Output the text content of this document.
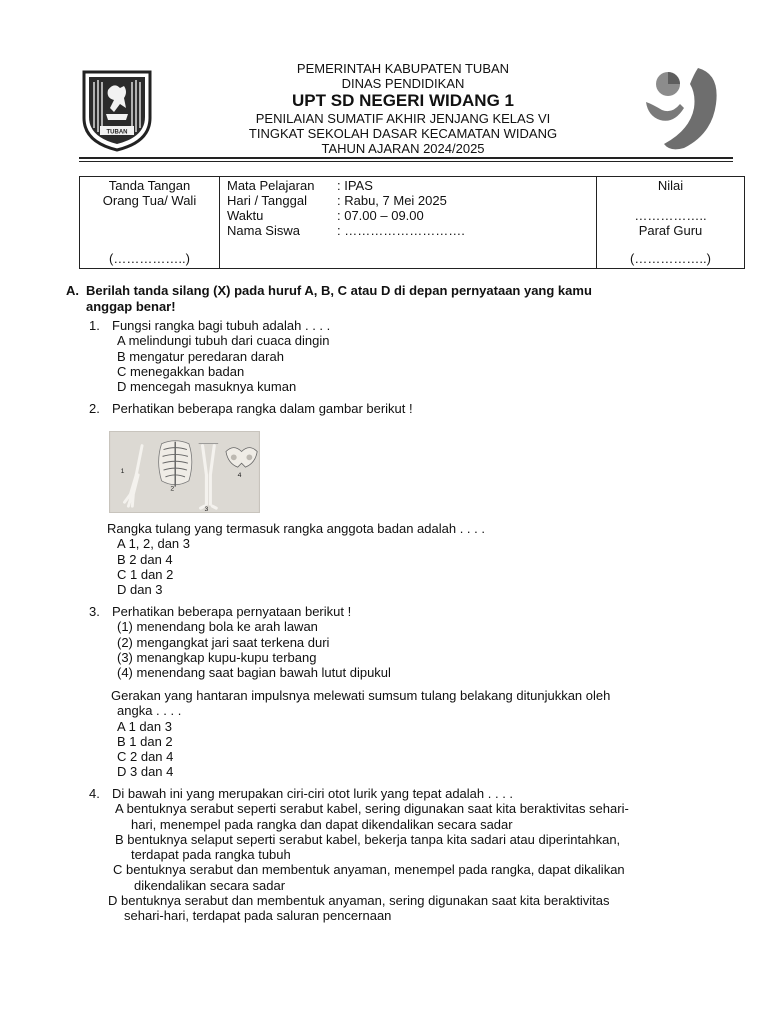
TUBAN
PEMERINTAH KABUPATEN TUBAN
DINAS PENDIDIKAN
UPT SD NEGERI WIDANG 1
PENILAIAN SUMATIF AKHIR JENJANG KELAS VI
TINGKAT SEKOLAH DASAR KECAMATAN WIDANG
TAHUN AJARAN 2024/2025
Tanda Tangan
Orang Tua/ Wali
(……………..)
Mata Pelajaran	: IPAS
Hari / Tanggal	: Rabu, 7 Mei 2025
Waktu	: 07.00 – 09.00
Nama Siswa	: ……………………….
Nilai
……………..
Paraf Guru
(……………..)
A. Berilah tanda silang (X) pada huruf A, B, C atau D di depan pernyataan yang kamu
anggap benar!
1. Fungsi rangka bagi tubuh adalah . . . .
A melindungi tubuh dari cuaca dingin
B mengatur peredaran darah
C menegakkan badan
D mencegah masuknya kuman
2. Perhatikan beberapa rangka dalam gambar berikut !
1
2
3
4
Rangka tulang yang termasuk rangka anggota badan adalah . . . .
A 1, 2, dan 3
B 2 dan 4
C 1 dan 2
D dan 3
3. Perhatikan beberapa pernyataan berikut !
(1) menendang bola ke arah lawan
(2) mengangkat jari saat terkena duri
(3) menangkap kupu-kupu terbang
(4) menendang saat bagian bawah lutut dipukul
Gerakan yang hantaran impulsnya melewati sumsum tulang belakang ditunjukkan oleh
angka . . . .
A 1 dan 3
B 1 dan 2
C 2 dan 4
D 3 dan 4
4. Di bawah ini yang merupakan ciri-ciri otot lurik yang tepat adalah . . . .
A bentuknya serabut seperti serabut kabel, sering digunakan saat kita beraktivitas sehari-
hari, menempel pada rangka dan dapat dikendalikan secara sadar
B bentuknya selaput seperti serabut kabel, bekerja tanpa kita sadari atau diperintahkan,
terdapat pada rangka tubuh
C bentuknya serabut dan membentuk anyaman, menempel pada rangka, dapat dikalikan
dikendalikan secara sadar
D bentuknya serabut dan membentuk anyaman, sering digunakan saat kita beraktivitas
sehari-hari, terdapat pada saluran pencernaan
